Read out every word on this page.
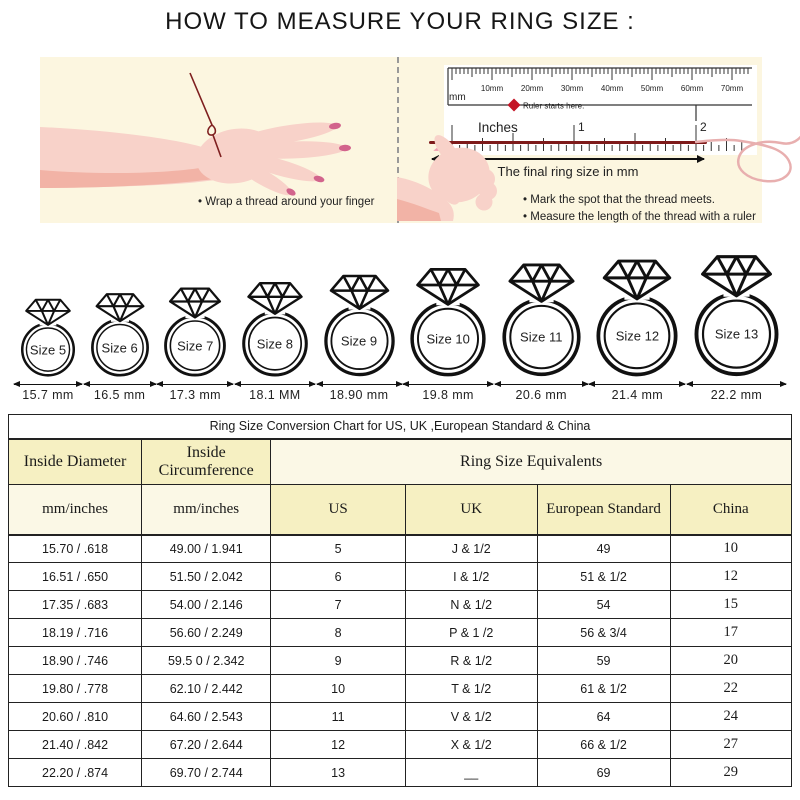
HOW TO MEASURE YOUR RING SIZE :
• Wrap a thread around your finger
10mm 20mm 30mm 40mm 50mm 60mm 70mm
mm
Ruler starts here.
Inches	1	2
The final ring size in mm
• Mark the spot that the thread meets.
• Measure the length of the thread with a ruler
Size 5
15.7 mm
Size 6
16.5 mm
Size 7
17.3 mm
Size 8
18.1 MM
Size 9
18.90 mm
Size 10
19.8 mm
Size 11
20.6 mm
Size 12
21.4 mm
Size 13
22.2 mm
Ring Size Conversion Chart for US, UK ,European Standard & China					
Inside Diameter	Inside Circumference	Ring Size Equivalents			
mm/inches	mm/inches	US	UK	European Standard	China
15.70 / .618	49.00 / 1.941	5	J & 1/2	49	10
16.51 / .650	51.50 / 2.042	6	I & 1/2	51 & 1/2	12
17.35 / .683	54.00 / 2.146	7	N & 1/2	54	15
18.19 / .716	56.60 / 2.249	8	P & 1 /2	56 & 3/4	17
18.90 / .746	59.5 0 / 2.342	9	R & 1/2	59	20
19.80 / .778	62.10 / 2.442	10	T & 1/2	61 & 1/2	22
20.60 / .810	64.60 / 2.543	11	V & 1/2	64	24
21.40 / .842	67.20 / 2.644	12	X & 1/2	66 & 1/2	27
22.20 / .874	69.70 / 2.744	13	__	69	29
